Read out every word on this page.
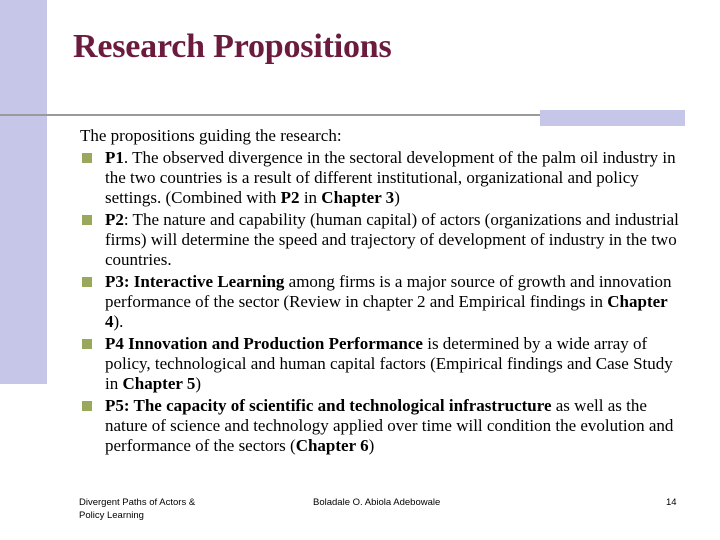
Research Propositions
The propositions guiding the research:
P1. The observed divergence in the sectoral development of the palm oil industry in the two countries is a result of different institutional, organizational and policy settings. (Combined with P2 in Chapter 3)
P2: The nature and capability (human capital) of actors (organizations and industrial    firms) will determine the speed and trajectory of development of industry in the two countries.
P3: Interactive Learning among firms is a major source of growth and innovation performance of the sector (Review in chapter 2 and Empirical findings in Chapter 4).
P4 Innovation and Production Performance is determined by a wide array of policy, technological and human capital factors (Empirical findings and Case Study in Chapter 5)
P5: The capacity of scientific and technological infrastructure as well as the nature of science and technology applied over time will condition the evolution and performance of the sectors (Chapter 6)
Divergent Paths of Actors &
Policy Learning
Boladale O. Abiola Adebowale	14
